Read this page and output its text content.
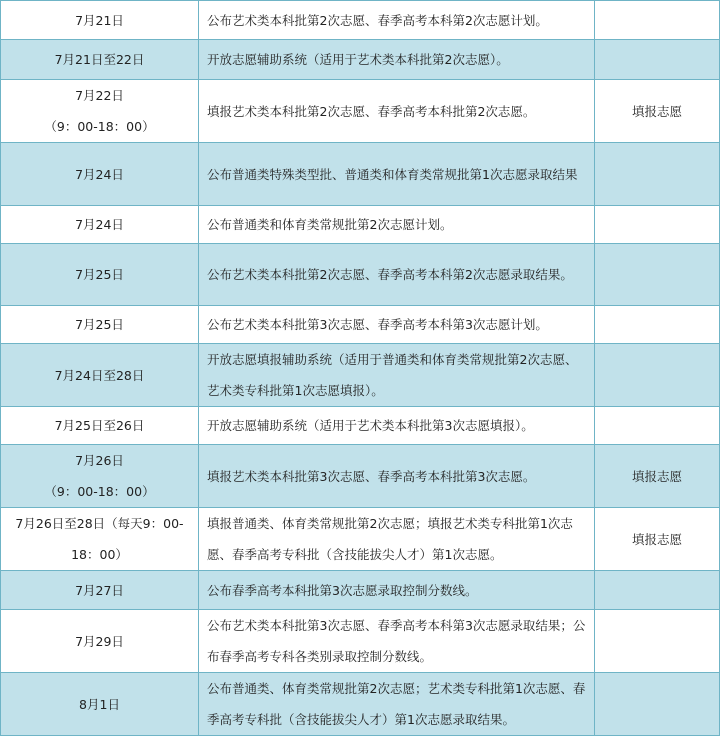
7月21日	公布艺术类本科批第2次志愿、春季高考本科第2次志愿计划。	

7月21日至22日	开放志愿辅助系统（适用于艺术类本科批第2次志愿）。	

7月22日
（9：00-18：00）	填报艺术类本科批第2次志愿、春季高考本科批第2次志愿。	填报志愿

7月24日	公布普通类特殊类型批、普通类和体育类常规批第1次志愿录取结果	

7月24日	公布普通类和体育类常规批第2次志愿计划。	

7月25日	公布艺术类本科批第2次志愿、春季高考本科第2次志愿录取结果。	

7月25日	公布艺术类本科批第3次志愿、春季高考本科第3次志愿计划。	

7月24日至28日	开放志愿填报辅助系统（适用于普通类和体育类常规批第2次志愿、艺术类专科批第1次志愿填报）。	

7月25日至26日	开放志愿辅助系统（适用于艺术类本科批第3次志愿填报）。	

7月26日
（9：00-18：00）	填报艺术类本科批第3次志愿、春季高考本科批第3次志愿。	填报志愿

7月26日至28日（每天9：00-18：00）	填报普通类、体育类常规批第2次志愿；填报艺术类专科批第1次志愿、春季高考专科批（含技能拔尖人才）第1次志愿。	填报志愿

7月27日	公布春季高考本科批第3次志愿录取控制分数线。	

7月29日	公布艺术类本科批第3次志愿、春季高考本科第3次志愿录取结果；公布春季高考专科各类别录取控制分数线。	

8月1日	公布普通类、体育类常规批第2次志愿；艺术类专科批第1次志愿、春季高考专科批（含技能拔尖人才）第1次志愿录取结果。	
